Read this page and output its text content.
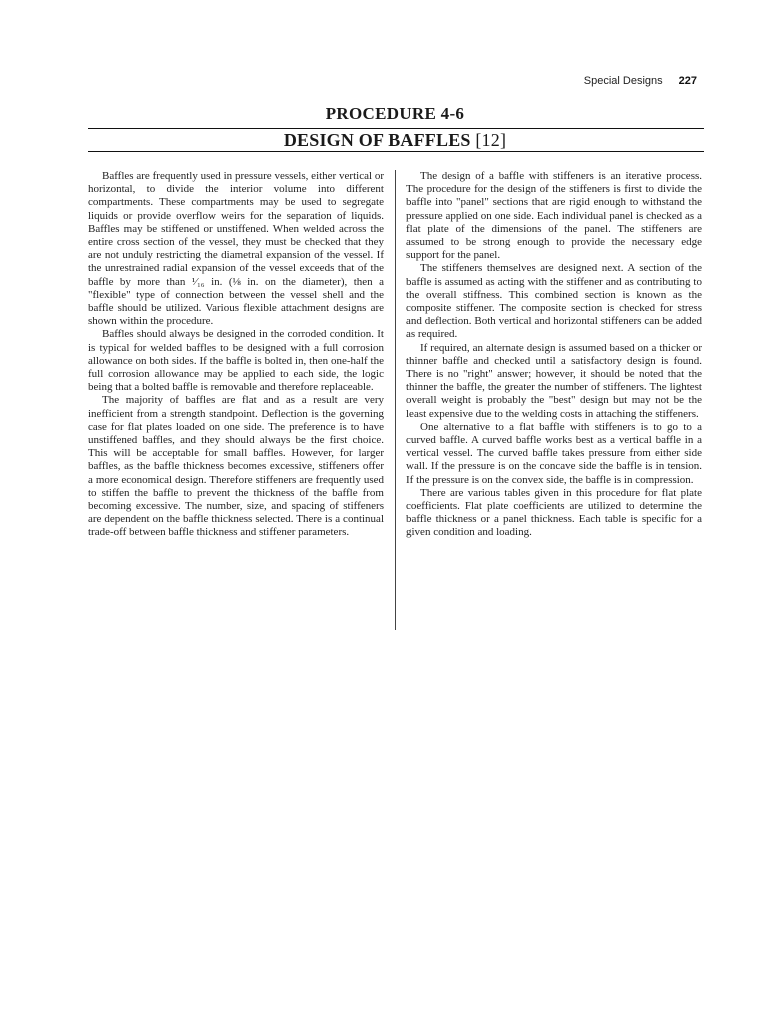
Special Designs 227
PROCEDURE 4-6
DESIGN OF BAFFLES [12]

Baffles are frequently used in pressure vessels, either vertical or horizontal, to divide the interior volume into different compartments. These compartments may be used to segregate liquids or provide overflow weirs for the separation of liquids. Baffles may be stiffened or unstiffened. When welded across the entire cross section of the vessel, they must be checked that they are not unduly restricting the diametral expansion of the vessel. If the unrestrained radial expansion of the vessel exceeds that of the baffle by more than ¹⁄₁₆ in. (⅛ in. on the diameter), then a "flexible" type of connection between the vessel shell and the baffle should be utilized. Various flexible attachment designs are shown within the procedure.

Baffles should always be designed in the corroded condition. It is typical for welded baffles to be designed with a full corrosion allowance on both sides. If the baffle is bolted in, then one-half the full corrosion allowance may be applied to each side, the logic being that a bolted baffle is removable and therefore replaceable.

The majority of baffles are flat and as a result are very inefficient from a strength standpoint. Deflection is the governing case for flat plates loaded on one side. The preference is to have unstiffened baffles, and they should always be the first choice. This will be acceptable for small baffles. However, for larger baffles, as the baffle thickness becomes excessive, stiffeners offer a more economical design. Therefore stiffeners are frequently used to stiffen the baffle to prevent the thickness of the baffle from becoming excessive. The number, size, and spacing of stiffeners are dependent on the baffle thickness selected. There is a continual trade-off between baffle thickness and stiffener parameters.

The design of a baffle with stiffeners is an iterative process. The procedure for the design of the stiffeners is first to divide the baffle into "panel" sections that are rigid enough to withstand the pressure applied on one side. Each individual panel is checked as a flat plate of the dimensions of the panel. The stiffeners are assumed to be strong enough to provide the necessary edge support for the panel.

The stiffeners themselves are designed next. A section of the baffle is assumed as acting with the stiffener and as contributing to the overall stiffness. This combined section is known as the composite stiffener. The composite section is checked for stress and deflection. Both vertical and horizontal stiffeners can be added as required.

If required, an alternate design is assumed based on a thicker or thinner baffle and checked until a satisfactory design is found. There is no "right" answer; however, it should be noted that the thinner the baffle, the greater the number of stiffeners. The lightest overall weight is probably the "best" design but may not be the least expensive due to the welding costs in attaching the stiffeners.

One alternative to a flat baffle with stiffeners is to go to a curved baffle. A curved baffle works best as a vertical baffle in a vertical vessel. The curved baffle takes pressure from either side wall. If the pressure is on the concave side the baffle is in tension. If the pressure is on the convex side, the baffle is in compression.

There are various tables given in this procedure for flat plate coefficients. Flat plate coefficients are utilized to determine the baffle thickness or a panel thickness. Each table is specific for a given condition and loading.
